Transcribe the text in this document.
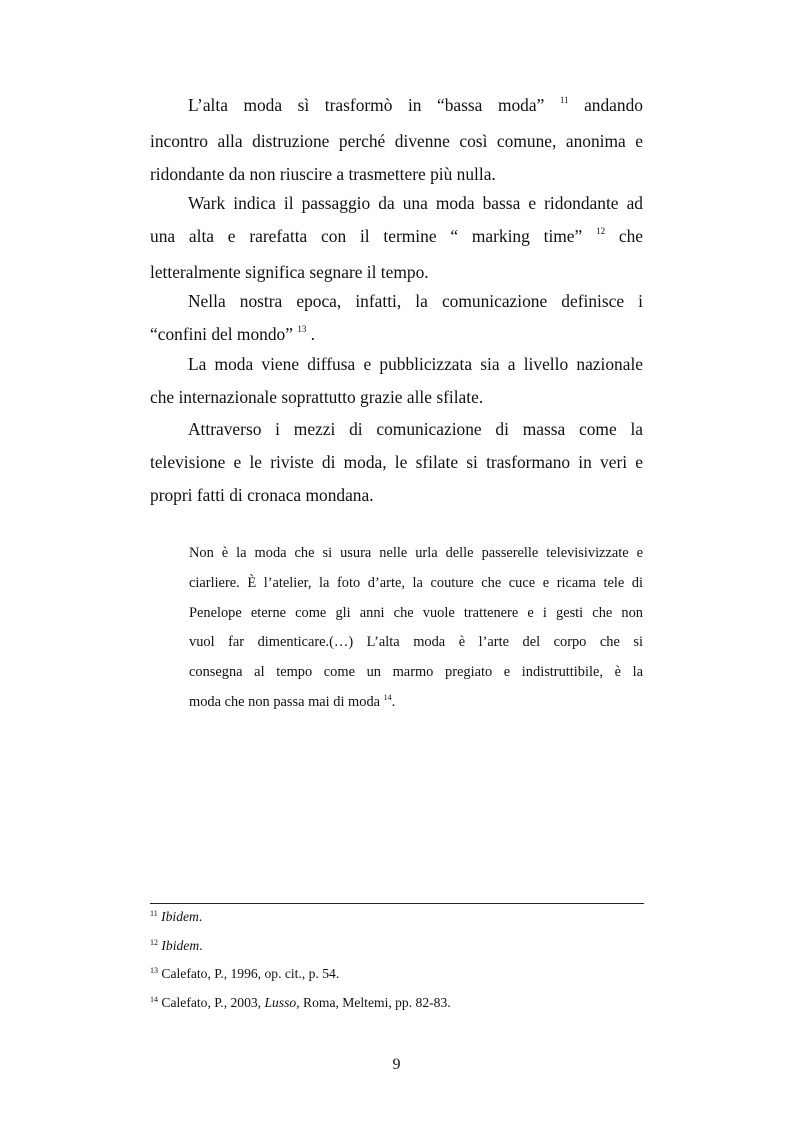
L’alta moda sì trasformò in “bassa moda” $^{11}$ andando
incontro alla distruzione perché divenne così comune, anonima e
ridondante da non riuscire a trasmettere più nulla.

Wark indica il passaggio da una moda bassa e ridondante ad
una alta e rarefatta con il termine “ marking time” $^{12}$ che
letteralmente significa segnare il tempo.

Nella nostra epoca, infatti, la comunicazione definisce i
“confini del mondo” $^{13}$ .

La moda viene diffusa e pubblicizzata sia a livello nazionale
che internazionale soprattutto grazie alle sfilate.

Attraverso i mezzi di comunicazione di massa come la
televisione e le riviste di moda, le sfilate si trasformano in veri e
propri fatti di cronaca mondana.

Non è la moda che si usura nelle urla delle passerelle televisivizzate e
ciarliere. È l’atelier, la foto d’arte, la couture che cuce e ricama tele di
Penelope eterne come gli anni che vuole trattenere e i gesti che non
vuol far dimenticare.(…) L’alta moda è l’arte del corpo che si
consegna al tempo come un marmo pregiato e indistruttibile, è la
moda che non passa mai di moda $^{14}$.
$^{11}$ Ibidem.
$^{12}$ Ibidem.
$^{13}$ Calefato, P., 1996, op. cit., p. 54.
$^{14}$ Calefato, P., 2003, Lusso, Roma, Meltemi, pp. 82-83.
9
